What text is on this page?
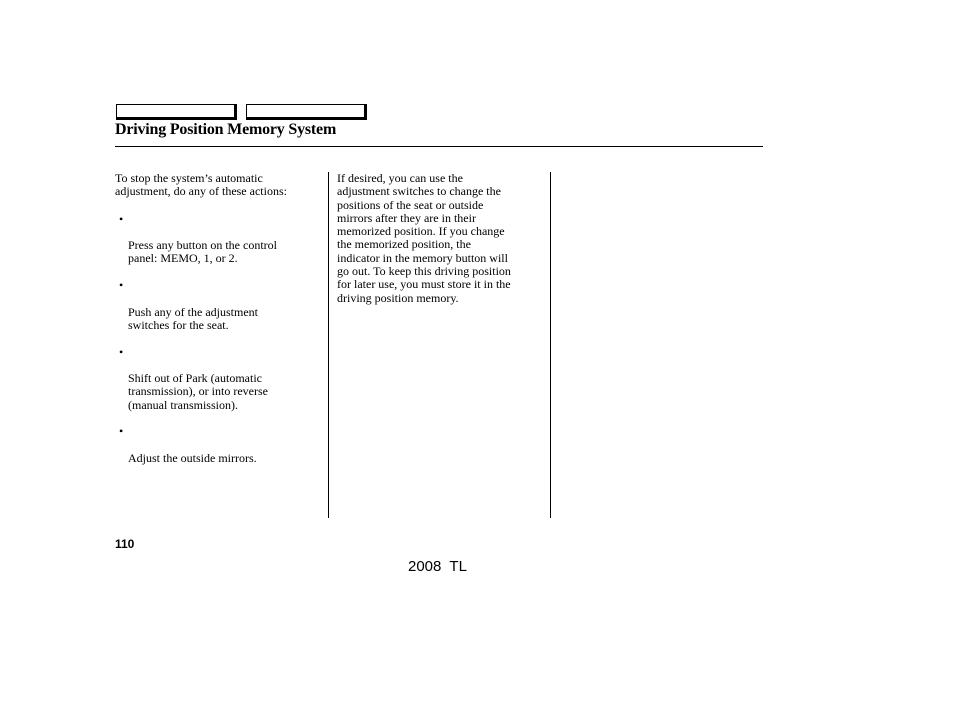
Driving Position Memory System

To stop the system’s automatic
adjustment, do any of these actions:

•

Press any button on the control
panel: MEMO, 1, or 2.

•

Push any of the adjustment
switches for the seat.

•

Shift out of Park (automatic
transmission), or into reverse
(manual transmission).

•

Adjust the outside mirrors.

If desired, you can use the
adjustment switches to change the
positions of the seat or outside
mirrors after they are in their
memorized position. If you change
the memorized position, the
indicator in the memory button will
go out. To keep this driving position
for later use, you must store it in the
driving position memory.

110
2008  TL
